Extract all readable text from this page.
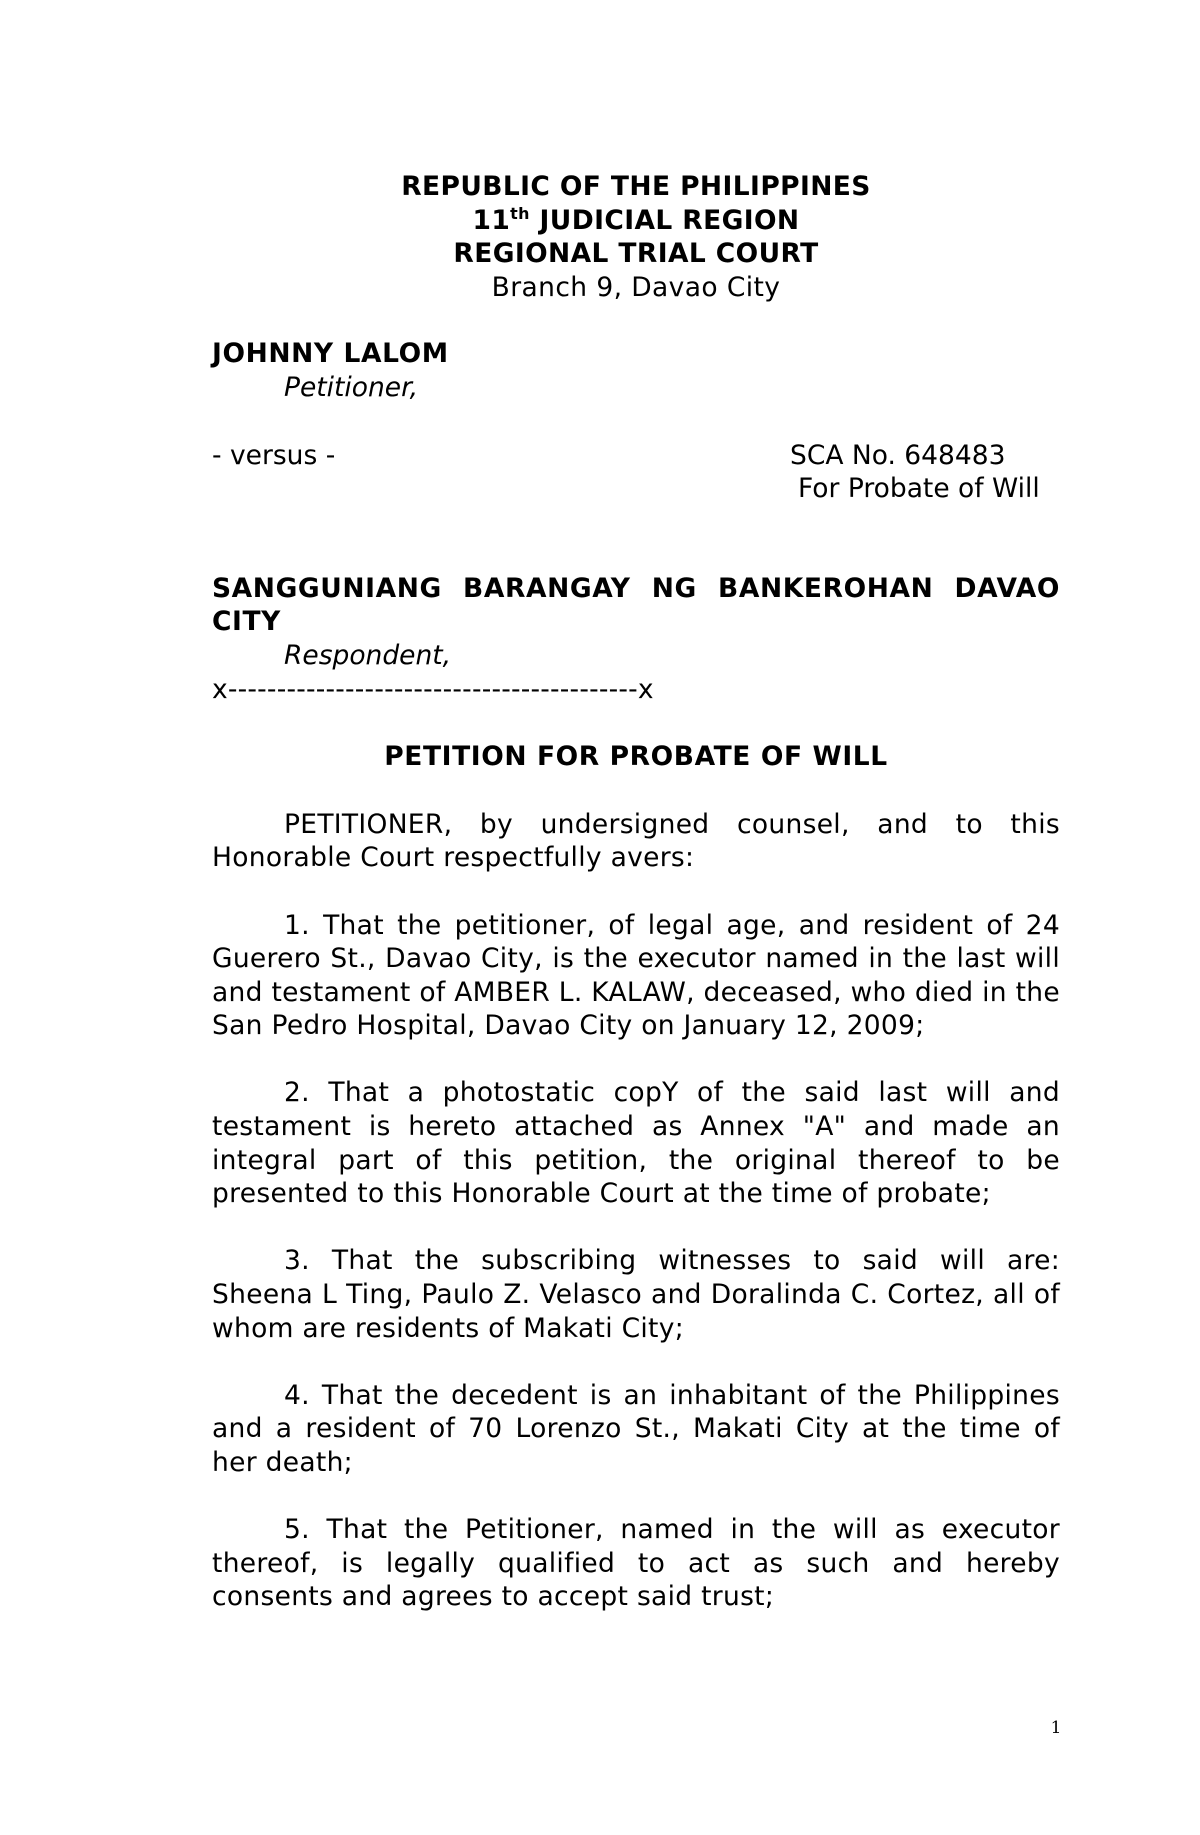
REPUBLIC OF THE PHILIPPINES
11th JUDICIAL REGION
REGIONAL TRIAL COURT
Branch 9, Davao City
JOHNNY LALOM
Petitioner,
- versus -	SCA No. 648483
For Probate of Will
SANGGUNIANG BARANGAY NG BANKEROHAN DAVAO CITY
Respondent,
x------------------------------------------x
PETITION FOR PROBATE OF WILL

PETITIONER, by undersigned counsel, and to this Honorable Court respectfully avers:

1. That the petitioner, of legal age, and resident of 24 Guerero St., Davao City, is the executor named in the last will and testament of AMBER L. KALAW, deceased, who died in the San Pedro Hospital, Davao City on January 12, 2009;

2. That a photostatic copY of the said last will and testament is hereto attached as Annex "A" and made an integral part of this petition, the original thereof to be presented to this Honorable Court at the time of probate;

3. That the subscribing witnesses to said will are: Sheena L Ting, Paulo Z. Velasco and Doralinda C. Cortez, all of whom are residents of Makati City;

4. That the decedent is an inhabitant of the Philippines and a resident of 70 Lorenzo St., Makati City at the time of her death;

5. That the Petitioner, named in the will as executor thereof, is legally qualified to act as such and hereby consents and agrees to accept said trust;

1
